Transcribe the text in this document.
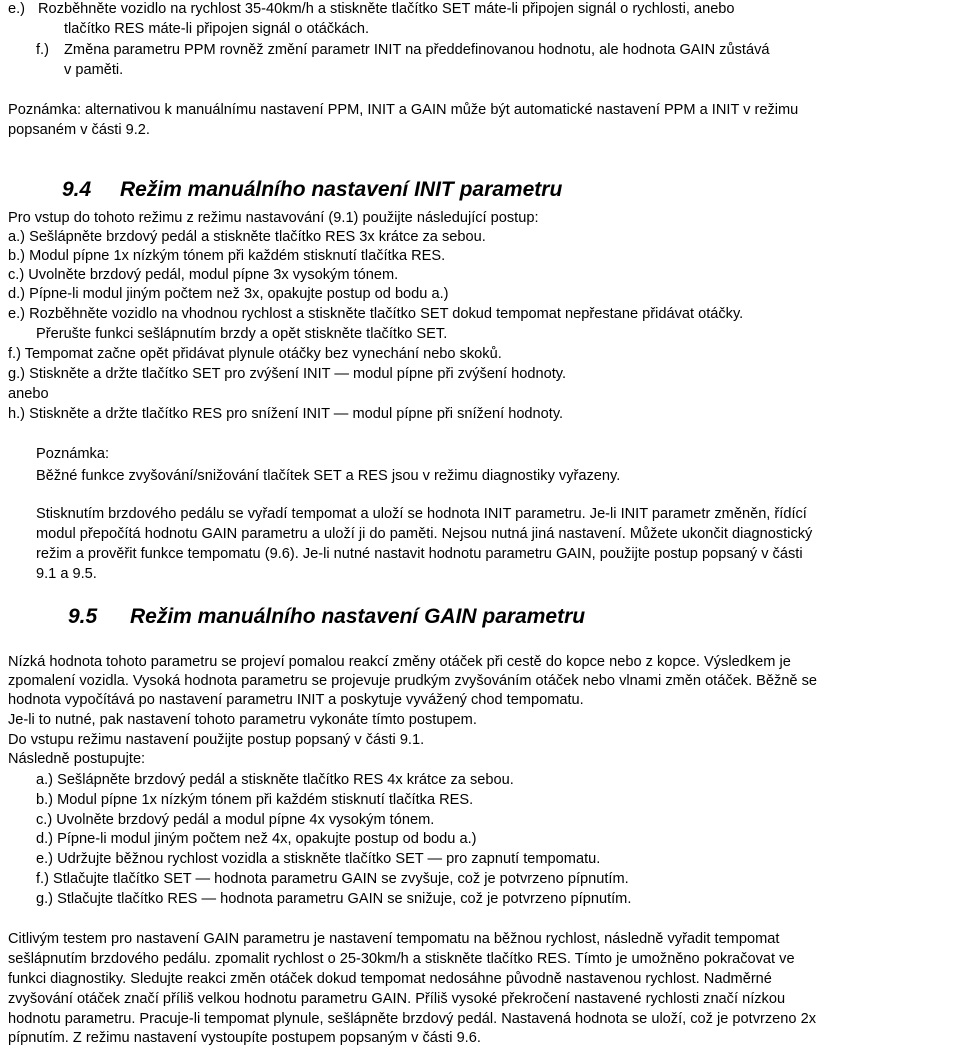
e.) Rozběhněte vozidlo na rychlost 35-40km/h a stiskněte tlačítko SET máte-li připojen signál o rychlosti, anebo
tlačítko RES máte-li připojen signál o otáčkách.
f.) Změna parametru PPM rovněž změní parametr INIT na předdefinovanou hodnotu, ale hodnota GAIN zůstává
v paměti.
Poznámka: alternativou k manuálnímu nastavení PPM, INIT a GAIN může být automatické nastavení PPM a INIT v režimu
popsaném v části 9.2.
9.4 Režim manuálního nastavení INIT parametru
Pro vstup do tohoto režimu z režimu nastavování (9.1) použijte následující postup:
a.) Sešlápněte brzdový pedál a stiskněte tlačítko RES 3x krátce za sebou.
b.) Modul pípne 1x nízkým tónem při každém stisknutí tlačítka RES.
c.) Uvolněte brzdový pedál, modul pípne 3x vysokým tónem.
d.) Pípne-li modul jiným počtem než 3x, opakujte postup od bodu a.)
e.) Rozběhněte vozidlo na vhodnou rychlost a stiskněte tlačítko SET dokud tempomat nepřestane přidávat otáčky.
Přerušte funkci sešlápnutím brzdy a opět stiskněte tlačítko SET.
f.) Tempomat začne opět přidávat plynule otáčky bez vynechání nebo skoků.
g.) Stiskněte a držte tlačítko SET pro zvýšení INIT — modul pípne při zvýšení hodnoty.
anebo
h.) Stiskněte a držte tlačítko RES pro snížení INIT — modul pípne při snížení hodnoty.
Poznámka:
Běžné funkce zvyšování/snižování tlačítek SET a RES jsou v režimu diagnostiky vyřazeny.
Stisknutím brzdového pedálu se vyřadí tempomat a uloží se hodnota INIT parametru. Je-li INIT parametr změněn, řídící
modul přepočítá hodnotu GAIN parametru a uloží ji do paměti. Nejsou nutná jiná nastavení. Můžete ukončit diagnostický
režim a prověřit funkce tempomatu (9.6). Je-li nutné nastavit hodnotu parametru GAIN, použijte postup popsaný v části
9.1 a 9.5.
9.5 Režim manuálního nastavení GAIN parametru
Nízká hodnota tohoto parametru se projeví pomalou reakcí změny otáček při cestě do kopce nebo z kopce. Výsledkem je
zpomalení vozidla. Vysoká hodnota parametru se projevuje prudkým zvyšováním otáček nebo vlnami změn otáček. Běžně se
hodnota vypočítává po nastavení parametru INIT a poskytuje vyvážený chod tempomatu.
Je-li to nutné, pak nastavení tohoto parametru vykonáte tímto postupem.
Do vstupu režimu nastavení použijte postup popsaný v části 9.1.
Následně postupujte:
a.) Sešlápněte brzdový pedál a stiskněte tlačítko RES 4x krátce za sebou.
b.) Modul pípne 1x nízkým tónem při každém stisknutí tlačítka RES.
c.) Uvolněte brzdový pedál a modul pípne 4x vysokým tónem.
d.) Pípne-li modul jiným počtem než 4x, opakujte postup od bodu a.)
e.) Udržujte běžnou rychlost vozidla a stiskněte tlačítko SET — pro zapnutí tempomatu.
f.) Stlačujte tlačítko SET — hodnota parametru GAIN se zvyšuje, což je potvrzeno pípnutím.
g.) Stlačujte tlačítko RES — hodnota parametru GAIN se snižuje, což je potvrzeno pípnutím.
Citlivým testem pro nastavení GAIN parametru je nastavení tempomatu na běžnou rychlost, následně vyřadit tempomat
sešlápnutím brzdového pedálu. zpomalit rychlost o 25-30km/h a stiskněte tlačítko RES. Tímto je umožněno pokračovat ve
funkci diagnostiky. Sledujte reakci změn otáček dokud tempomat nedosáhne původně nastavenou rychlost. Nadměrné
zvyšování otáček značí příliš velkou hodnotu parametru GAIN. Příliš vysoké překročení nastavené rychlosti značí nízkou
hodnotu parametru. Pracuje-li tempomat plynule, sešlápněte brzdový pedál. Nastavená hodnota se uloží, což je potvrzeno 2x
pípnutím. Z režimu nastavení vystoupíte postupem popsaným v části 9.6.
